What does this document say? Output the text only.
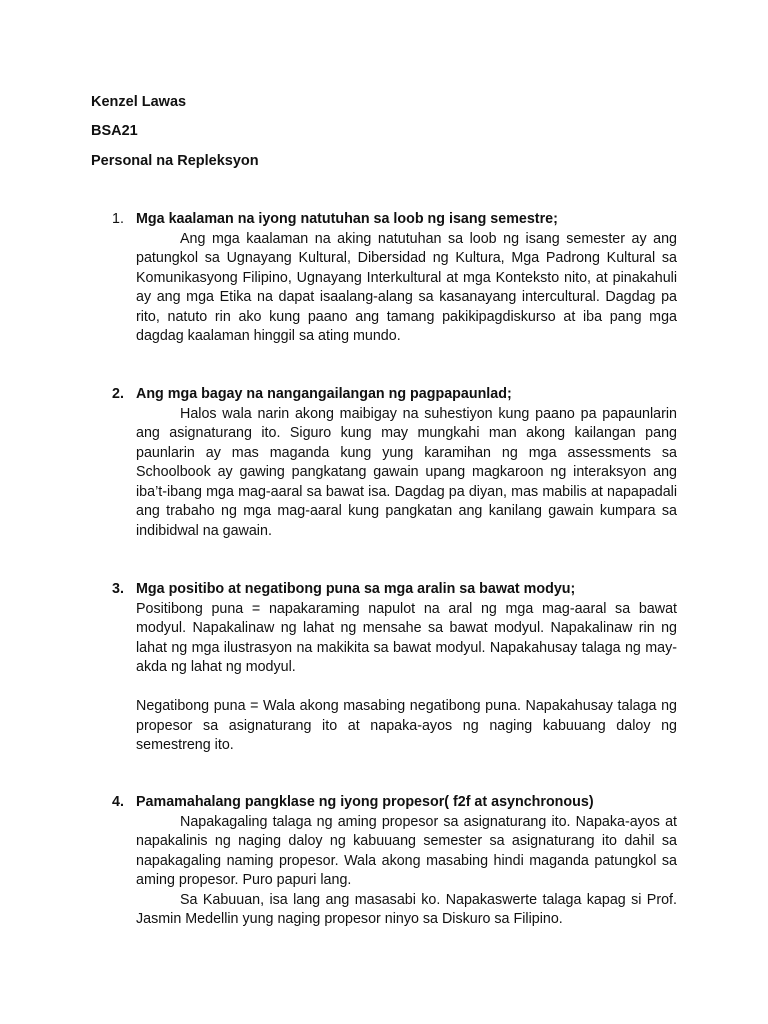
Kenzel Lawas
BSA21
Personal na Repleksyon
1. Mga kaalaman na iyong natutuhan sa loob ng isang semestre;

Ang mga kaalaman na aking natutuhan sa loob ng isang semester ay ang patungkol sa Ugnayang Kultural, Dibersidad ng Kultura, Mga Padrong Kultural sa Komunikasyong Filipino, Ugnayang Interkultural at mga Konteksto nito, at pinakahuli ay ang mga Etika na dapat isaalang-alang sa kasanayang intercultural. Dagdag pa rito, natuto rin ako kung paano ang tamang pakikipagdiskurso at iba pang mga dagdag kaalaman hinggil sa ating mundo.

2. Ang mga bagay na nangangailangan ng pagpapaunlad;

Halos wala narin akong maibigay na suhestiyon kung paano pa papaunlarin ang asignaturang ito. Siguro kung may mungkahi man akong kailangan pang paunlarin ay mas maganda kung yung karamihan ng mga assessments sa Schoolbook ay gawing pangkatang gawain upang magkaroon ng interaksyon ang iba’t-ibang mga mag-aaral sa bawat isa. Dagdag pa diyan, mas mabilis at napapadali ang trabaho ng mga mag-aaral kung pangkatan ang kanilang gawain kumpara sa indibidwal na gawain.

3. Mga positibo at negatibong puna sa mga aralin sa bawat modyu;

Positibong puna = napakaraming napulot na aral ng mga mag-aaral sa bawat modyul. Napakalinaw ng lahat ng mensahe sa bawat modyul. Napakalinaw rin ng lahat ng mga ilustrasyon na makikita sa bawat modyul. Napakahusay talaga ng may-akda ng lahat ng modyul.

Negatibong puna = Wala akong masabing negatibong puna. Napakahusay talaga ng propesor sa asignaturang ito at napaka-ayos ng naging kabuuang daloy ng semestreng ito.

4. Pamamahalang pangklase ng iyong propesor( f2f at asynchronous)

Napakagaling talaga ng aming propesor sa asignaturang ito. Napaka-ayos at napakalinis ng naging daloy ng kabuuang semester sa asignaturang ito dahil sa napakagaling naming propesor. Wala akong masabing hindi maganda patungkol sa aming propesor. Puro papuri lang.

Sa Kabuuan, isa lang ang masasabi ko. Napakaswerte talaga kapag si Prof. Jasmin Medellin yung naging propesor ninyo sa Diskuro sa Filipino.
